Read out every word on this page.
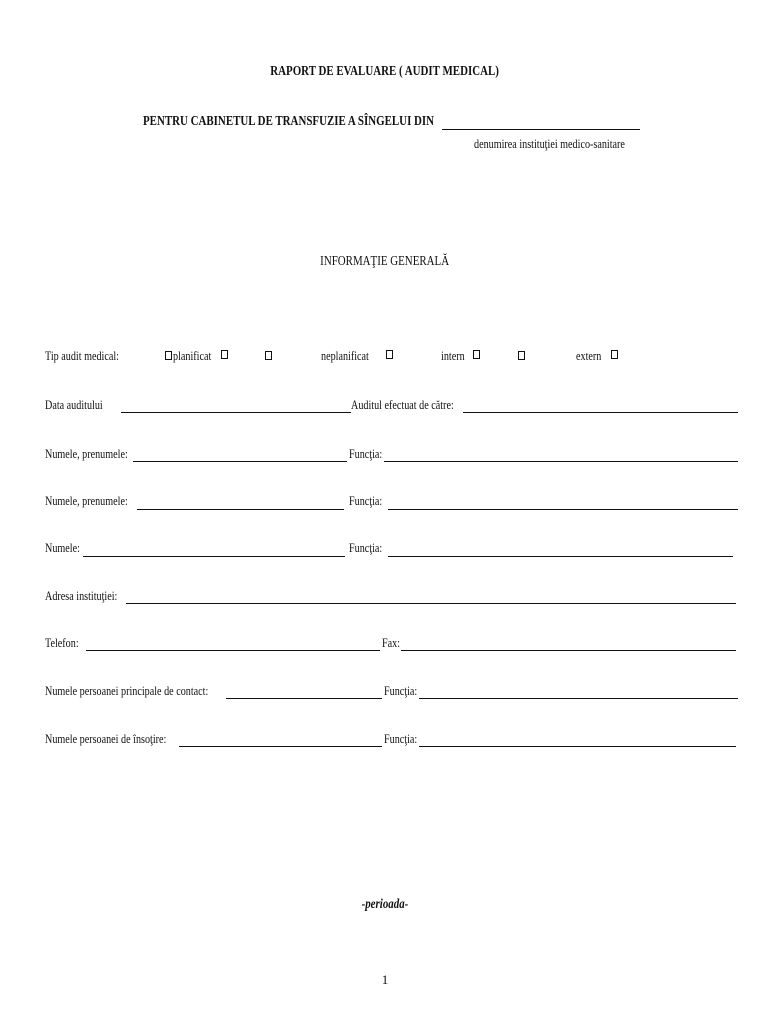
RAPORT DE EVALUARE ( AUDIT MEDICAL)
PENTRU CABINETUL DE TRANSFUZIE A SÎNGELUI DIN
denumirea instituţiei medico-sanitare
INFORMAŢIE GENERALĂ
Tip audit medical:	planificat	neplanificat	intern	extern
Data auditului	Auditul efectuat de către:
Numele, prenumele:	Funcţia:
Numele, prenumele:	Funcţia:
Numele:	Funcţia:
Adresa instituţiei:
Telefon:	Fax:
Numele persoanei principale de contact:	Funcţia:
Numele persoanei de însoţire:	Funcţia:
-perioada-
1
